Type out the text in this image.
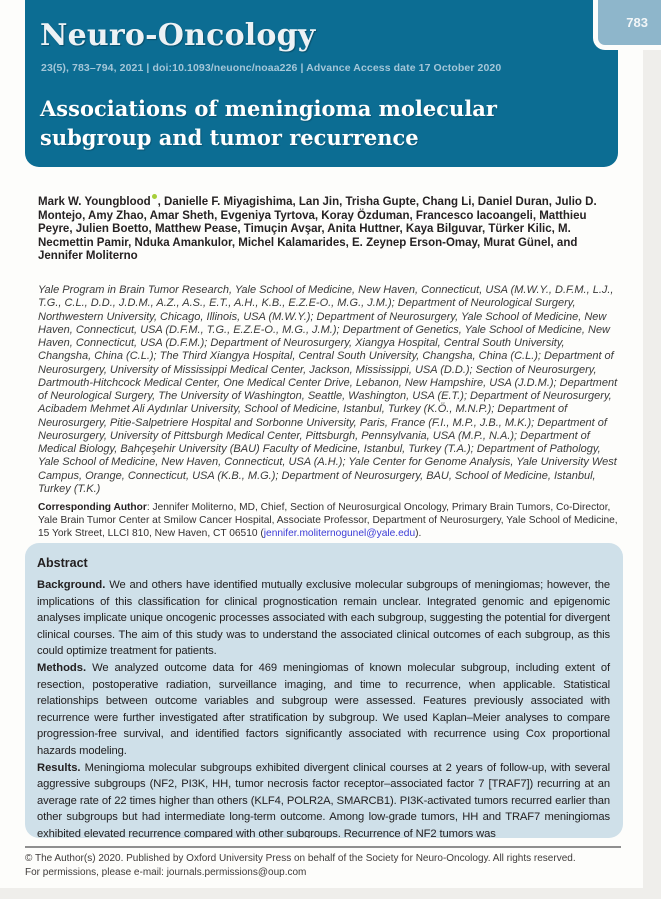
Neuro-Oncology
23(5), 783–794, 2021 | doi:10.1093/neuonc/noaa226 | Advance Access date 17 October 2020
Associations of meningioma molecular subgroup and tumor recurrence
783
Mark W. Youngblood , Danielle F. Miyagishima, Lan Jin, Trisha Gupte, Chang Li, Daniel Duran, Julio D. Montejo, Amy Zhao, Amar Sheth, Evgeniya Tyrtova, Koray Özduman, Francesco Iacoangeli, Matthieu Peyre, Julien Boetto, Matthew Pease, Timuçin Avşar, Anita Huttner, Kaya Bilguvar, Türker Kilic, M. Necmettin Pamir, Nduka Amankulor, Michel Kalamarides, E. Zeynep Erson-Omay, Murat Günel, and Jennifer Moliterno
Yale Program in Brain Tumor Research, Yale School of Medicine, New Haven, Connecticut, USA (M.W.Y., D.F.M., L.J., T.G., C.L., D.D., J.D.M., A.Z., A.S., E.T., A.H., K.B., E.Z.E-O., M.G., J.M.); Department of Neurological Surgery, Northwestern University, Chicago, Illinois, USA (M.W.Y.); Department of Neurosurgery, Yale School of Medicine, New Haven, Connecticut, USA (D.F.M., T.G., E.Z.E-O., M.G., J.M.); Department of Genetics, Yale School of Medicine, New Haven, Connecticut, USA (D.F.M.); Department of Neurosurgery, Xiangya Hospital, Central South University, Changsha, China (C.L.); The Third Xiangya Hospital, Central South University, Changsha, China (C.L.); Department of Neurosurgery, University of Mississippi Medical Center, Jackson, Mississippi, USA (D.D.); Section of Neurosurgery, Dartmouth-Hitchcock Medical Center, One Medical Center Drive, Lebanon, New Hampshire, USA (J.D.M.); Department of Neurological Surgery, The University of Washington, Seattle, Washington, USA (E.T.); Department of Neurosurgery, Acibadem Mehmet Ali Aydınlar University, School of Medicine, Istanbul, Turkey (K.Ö., M.N.P.); Department of Neurosurgery, Pitie-Salpetriere Hospital and Sorbonne University, Paris, France (F.I., M.P., J.B., M.K.); Department of Neurosurgery, University of Pittsburgh Medical Center, Pittsburgh, Pennsylvania, USA (M.P., N.A.); Department of Medical Biology, Bahçeşehir University (BAU) Faculty of Medicine, Istanbul, Turkey (T.A.); Department of Pathology, Yale School of Medicine, New Haven, Connecticut, USA (A.H.); Yale Center for Genome Analysis, Yale University West Campus, Orange, Connecticut, USA (K.B., M.G.); Department of Neurosurgery, BAU, School of Medicine, Istanbul, Turkey (T.K.)
Corresponding Author: Jennifer Moliterno, MD, Chief, Section of Neurosurgical Oncology, Primary Brain Tumors, Co-Director, Yale Brain Tumor Center at Smilow Cancer Hospital, Associate Professor, Department of Neurosurgery, Yale School of Medicine, 15 York Street, LLCI 810, New Haven, CT 06510 (jennifer.moliternogunel@yale.edu).
Abstract

Background. We and others have identified mutually exclusive molecular subgroups of meningiomas; however, the implications of this classification for clinical prognostication remain unclear. Integrated genomic and epigenomic analyses implicate unique oncogenic processes associated with each subgroup, suggesting the potential for divergent clinical courses. The aim of this study was to understand the associated clinical outcomes of each subgroup, as this could optimize treatment for patients.

Methods. We analyzed outcome data for 469 meningiomas of known molecular subgroup, including extent of resection, postoperative radiation, surveillance imaging, and time to recurrence, when applicable. Statistical relationships between outcome variables and subgroup were assessed. Features previously associated with recurrence were further investigated after stratification by subgroup. We used Kaplan–Meier analyses to compare progression-free survival, and identified factors significantly associated with recurrence using Cox proportional hazards modeling.

Results. Meningioma molecular subgroups exhibited divergent clinical courses at 2 years of follow-up, with several aggressive subgroups (NF2, PI3K, HH, tumor necrosis factor receptor–associated factor 7 [TRAF7]) recurring at an average rate of 22 times higher than others (KLF4, POLR2A, SMARCB1). PI3K-activated tumors recurred earlier than other subgroups but had intermediate long-term outcome. Among low-grade tumors, HH and TRAF7 meningiomas exhibited elevated recurrence compared with other subgroups. Recurrence of NF2 tumors was

© The Author(s) 2020. Published by Oxford University Press on behalf of the Society for Neuro-Oncology. All rights reserved.
For permissions, please e-mail: journals.permissions@oup.com
